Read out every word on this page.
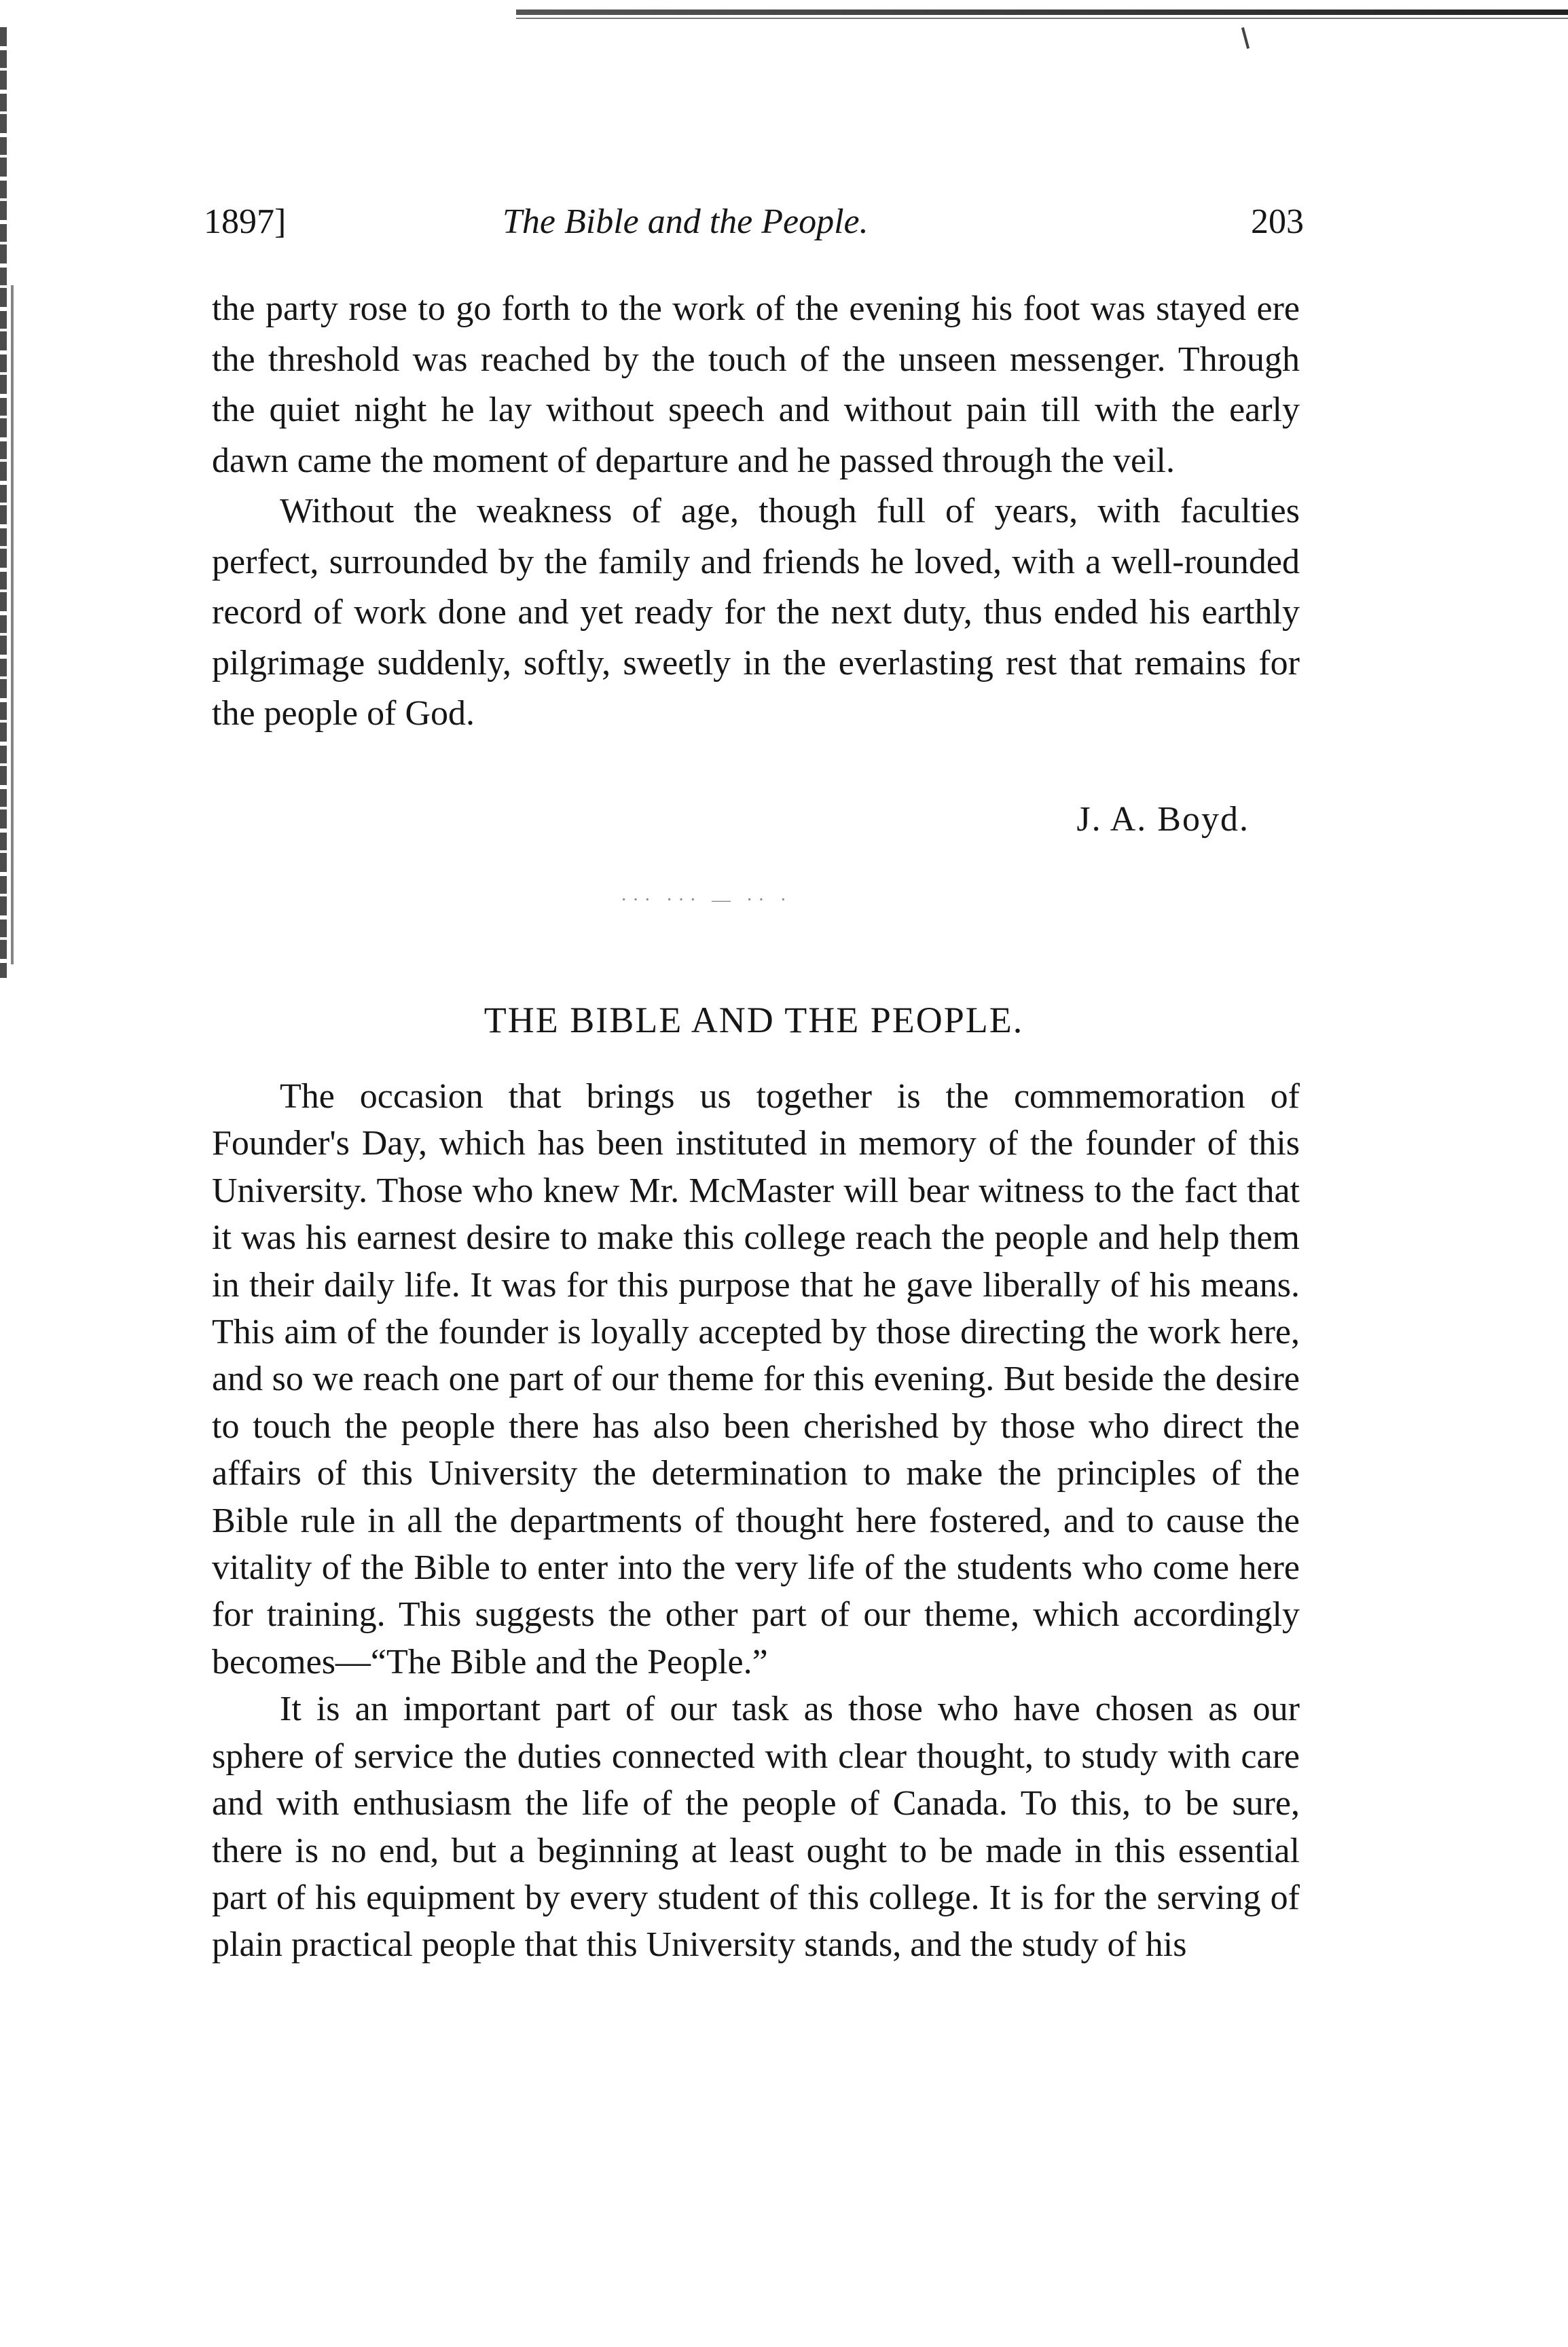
1897]	The Bible and the People.	203

the party rose to go forth to the work of the evening his foot was stayed ere the threshold was reached by the touch of the unseen messenger. Through the quiet night he lay without speech and without pain till with the early dawn came the moment of departure and he passed through the veil.

Without the weakness of age, though full of years, with faculties perfect, surrounded by the family and friends he loved, with a well-rounded record of work done and yet ready for the next duty, thus ended his earthly pilgrimage suddenly, softly, sweetly in the everlasting rest that remains for the people of God.

J. A. Boyd.
··· ··· — ·· ·
THE BIBLE AND THE PEOPLE.

The occasion that brings us together is the commemoration of Founder's Day, which has been instituted in memory of the founder of this University. Those who knew Mr. McMaster will bear witness to the fact that it was his earnest desire to make this college reach the people and help them in their daily life. It was for this purpose that he gave liberally of his means. This aim of the founder is loyally accepted by those directing the work here, and so we reach one part of our theme for this evening. But beside the desire to touch the people there has also been cherished by those who direct the affairs of this University the determination to make the principles of the Bible rule in all the departments of thought here fostered, and to cause the vitality of the Bible to enter into the very life of the students who come here for training. This suggests the other part of our theme, which accordingly becomes—“The Bible and the People.”

It is an important part of our task as those who have chosen as our sphere of service the duties connected with clear thought, to study with care and with enthusiasm the life of the people of Canada. To this, to be sure, there is no end, but a beginning at least ought to be made in this essential part of his equipment by every student of this college. It is for the serving of plain practical people that this University stands, and the study of his
